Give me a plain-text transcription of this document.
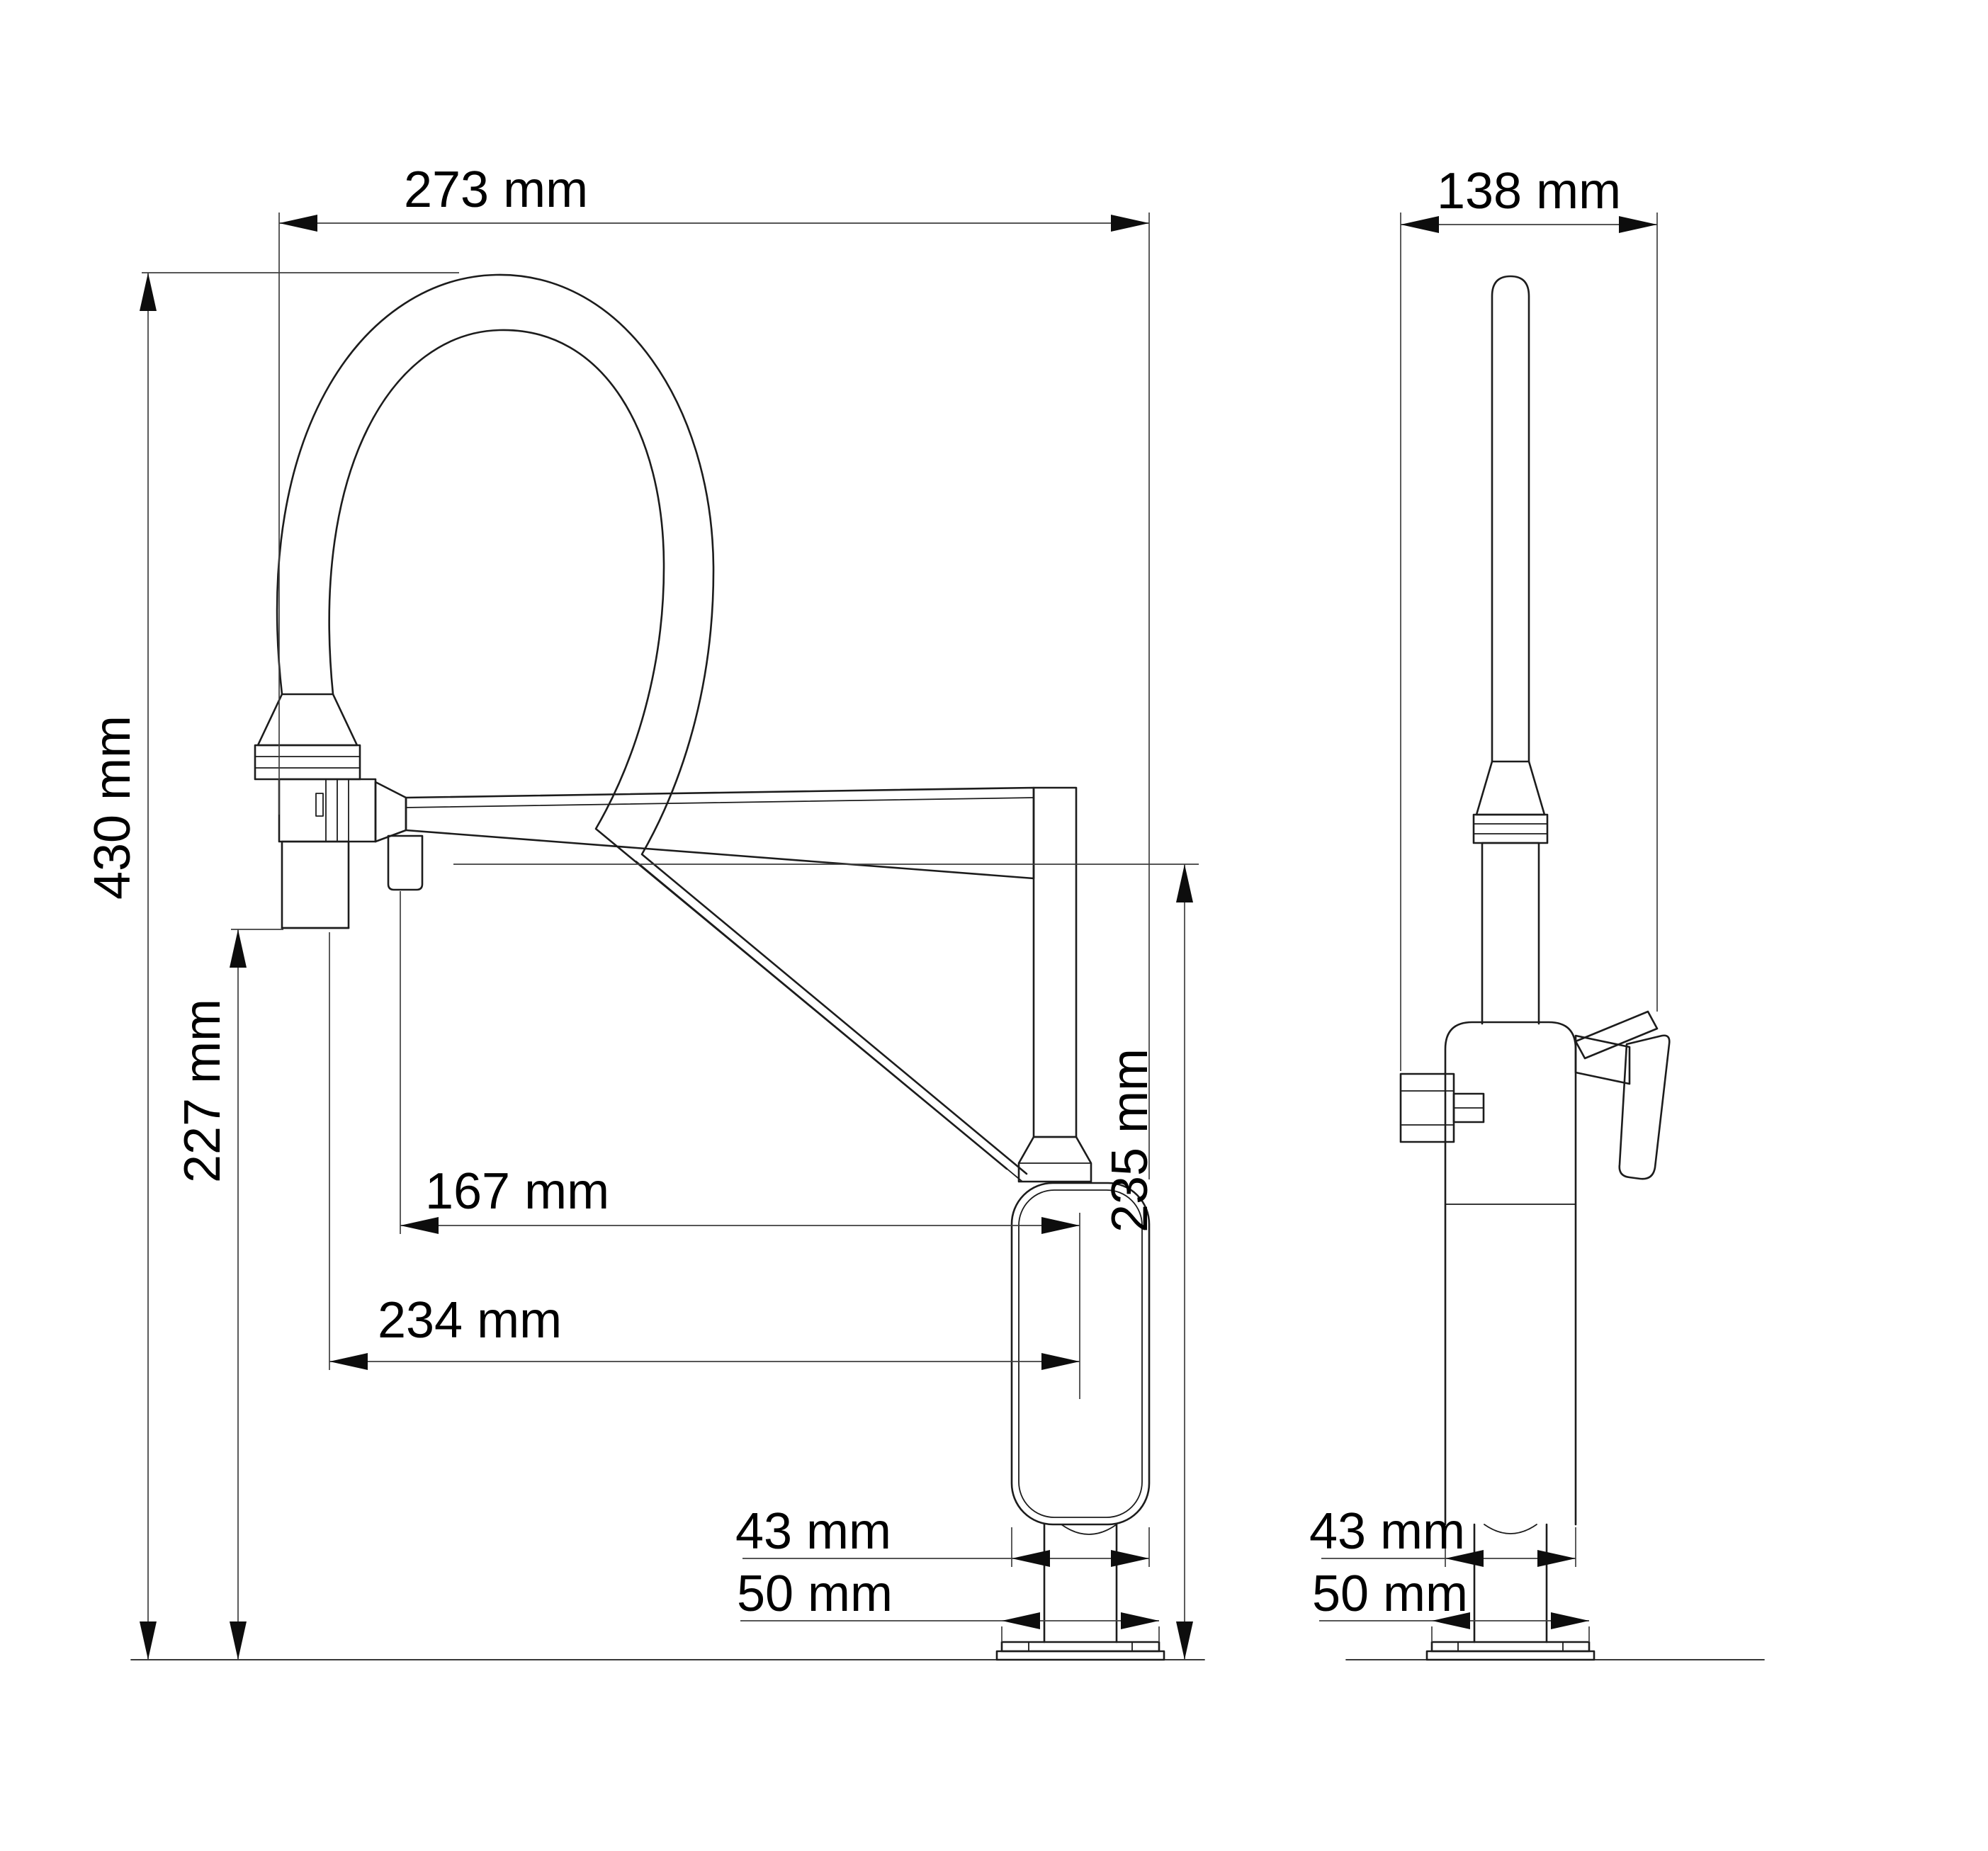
273 mm
430 mm
227 mm
167 mm
234 mm
235 mm
43 mm
50 mm
138 mm
43 mm
50 mm
